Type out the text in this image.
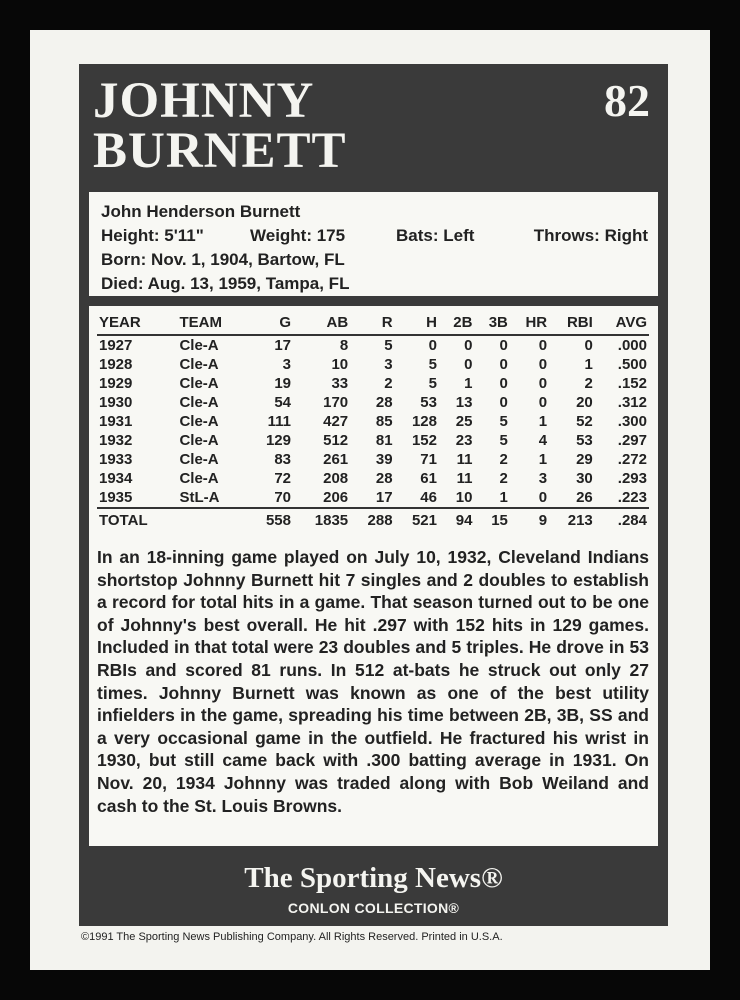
JOHNNY
BURNETT
82
John Henderson Burnett
Height: 5'11"	Weight: 175	Bats: Left	Throws: Right
Born: Nov. 1, 1904, Bartow, FL
Died: Aug. 13, 1959, Tampa, FL
YEAR	TEAM	G	AB	R	H	2B	3B	HR	RBI	AVG
1927	Cle-A	17	8	5	0	0	0	0	0	.000
1928	Cle-A	3	10	3	5	0	0	0	1	.500
1929	Cle-A	19	33	2	5	1	0	0	2	.152
1930	Cle-A	54	170	28	53	13	0	0	20	.312
1931	Cle-A	111	427	85	128	25	5	1	52	.300
1932	Cle-A	129	512	81	152	23	5	4	53	.297
1933	Cle-A	83	261	39	71	11	2	1	29	.272
1934	Cle-A	72	208	28	61	11	2	3	30	.293
1935	StL-A	70	206	17	46	10	1	0	26	.223
TOTAL		558	1835	288	521	94	15	9	213	.284
In an 18-inning game played on July 10, 1932, Cleveland Indians shortstop Johnny Burnett hit 7 singles and 2 doubles to establish a record for total hits in a game. That season turned out to be one of Johnny's best overall. He hit .297 with 152 hits in 129 games. Included in that total were 23 doubles and 5 triples. He drove in 53 RBIs and scored 81 runs. In 512 at-bats he struck out only 27 times. Johnny Burnett was known as one of the best utility infielders in the game, spreading his time between 2B, 3B, SS and a very occasional game in the outfield. He fractured his wrist in 1930, but still came back with .300 batting average in 1931. On Nov. 20, 1934 Johnny was traded along with Bob Weiland and cash to the St. Louis Browns.
The Sporting News®
CONLON COLLECTION®
©1991 The Sporting News Publishing Company. All Rights Reserved. Printed in U.S.A.
